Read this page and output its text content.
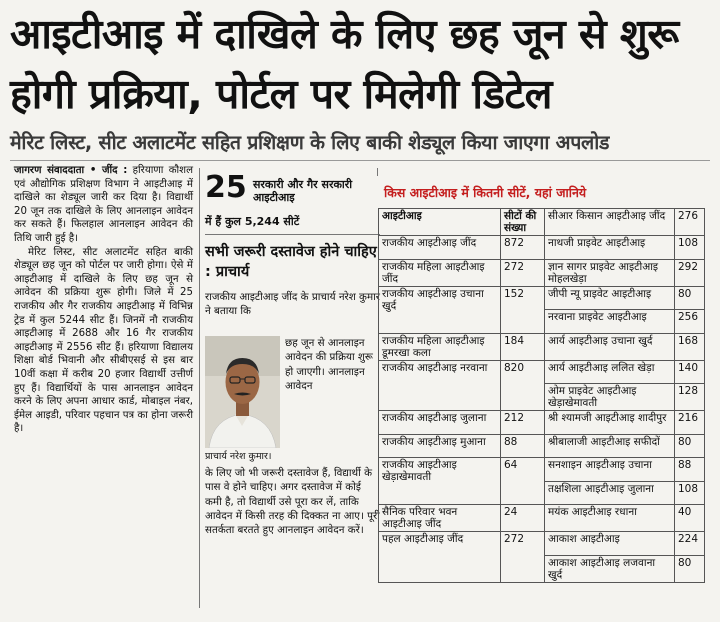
आइटीआइ में दाखिले के लिए छह जून से शुरू होगी प्रक्रिया, पोर्टल पर मिलेगी डिटेल
मेरिट लिस्ट, सीट अलाटमेंट सहित प्रशिक्षण के लिए बाकी शेड्यूल किया जाएगा अपलोड

जागरण संवाददाता • जींद : हरियाणा कौशल एवं औद्योगिक प्रशिक्षण विभाग ने आइटीआइ में दाखिले का शेड्यूल जारी कर दिया है। विद्यार्थी 20 जून तक दाखिले के लिए आनलाइन आवेदन कर सकते हैं। फिलहाल आनलाइन आवेदन की तिथि जारी हुई है।

मेरिट लिस्ट, सीट अलाटमेंट सहित बाकी शेड्यूल छह जून को पोर्टल पर जारी होगा। ऐसे में आइटीआइ में दाखिले के लिए छह जून से आवेदन की प्रक्रिया शुरू होगी। जिले में 25 राजकीय और गैर राजकीय आइटीआइ में विभिन्न ट्रेड में कुल 5244 सीट हैं। जिनमें नौ राजकीय आइटीआइ में 2688 और 16 गैर राजकीय आइटीआइ में 2556 सीट हैं। हरियाणा विद्यालय शिक्षा बोर्ड भिवानी और सीबीएसई से इस बार 10वीं कक्षा में करीब 20 हजार विद्यार्थी उत्तीर्ण हुए हैं। विद्यार्थियों के पास आनलाइन आवेदन करने के लिए अपना आधार कार्ड, मोबाइल नंबर, ईमेल आइडी, परिवार पहचान पत्र का होना जरूरी है।

25 सरकारी और गैर सरकारी आइटीआइ
में हैं कुल 5,244 सीटें
सभी जरूरी दस्तावेज होने चाहिए : प्राचार्य
राजकीय आइटीआइ जींद के प्राचार्य नरेश कुमार ने बताया कि
छह जून से आनलाइन आवेदन की प्रक्रिया शुरू हो जाएगी। आनलाइन आवेदन
प्राचार्य नरेश कुमार।
के लिए जो भी जरूरी दस्तावेज हैं, विद्यार्थी के पास वे होने चाहिए। अगर दस्तावेज में कोई कमी है, तो विद्यार्थी उसे पूरा कर लें, ताकि आवेदन में किसी तरह की दिक्कत ना आए। पूरी सतर्कता बरतते हुए आनलाइन आवेदन करें।
किस आइटीआइ में कितनी सीटें, यहां जानिये
आइटीआइ	सीटों की संख्या	सीआर किसान आइटीआइ जींद	276
राजकीय आइटीआइ जींद	872	नाथजी प्राइवेट आइटीआइ	108
राजकीय महिला आइटीआइ जींद	272	ज्ञान सागर प्राइवेट आइटीआइ मोहलखेड़ा	292
राजकीय आइटीआइ उचाना खुर्द	152	जीपी न्यू प्राइवेट आइटीआइ	80
		नरवाना प्राइवेट आइटीआइ	256
राजकीय महिला आइटीआइ डूमरखा कला	184	आर्य आइटीआइ उचाना खुर्द	168
राजकीय आइटीआइ नरवाना	820	आर्य आइटीआइ ललित खेड़ा	140
		ओम प्राइवेट आइटीआइ खेड़ाखेमावती	128
राजकीय आइटीआइ जुलाना	212	श्री श्यामजी आइटीआइ शादीपुर	216
राजकीय आइटीआइ मुआना	88	श्रीबालाजी आइटीआइ सफीदों	80
राजकीय आइटीआइ खेड़ाखेमावती	64	सनशाइन आइटीआइ उचाना	88
		तक्षशिला आइटीआइ जुलाना	108
सैनिक परिवार भवन आइटीआइ जींद	24	मयंक आइटीआइ रधाना	40
पहल आइटीआइ जींद	272	आकाश आइटीआइ	224
		आकाश आइटीआइ लजवाना खुर्द	80
